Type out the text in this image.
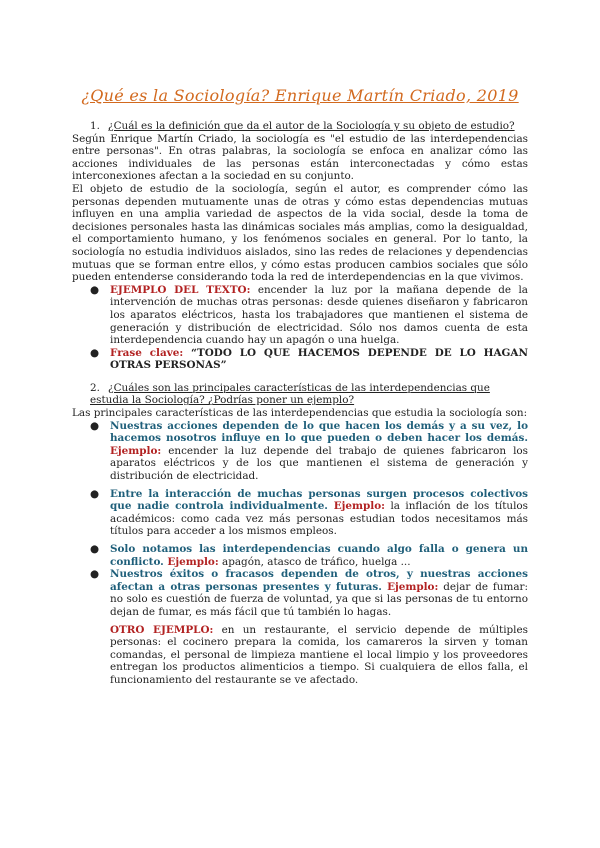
¿Qué es la Sociología? Enrique Martín Criado, 2019
1. ¿Cuál es la definición que da el autor de la Sociología y su objeto de estudio?
Según Enrique Martín Criado, la sociología es "el estudio de las interdependencias entre personas". En otras palabras, la sociología se enfoca en analizar cómo las acciones individuales de las personas están interconectadas y cómo estas interconexiones afectan a la sociedad en su conjunto.
El objeto de estudio de la sociología, según el autor, es comprender cómo las personas dependen mutuamente unas de otras y cómo estas dependencias mutuas influyen en una amplia variedad de aspectos de la vida social, desde la toma de decisiones personales hasta las dinámicas sociales más amplias, como la desigualdad, el comportamiento humano, y los fenómenos sociales en general. Por lo tanto, la sociología no estudia individuos aislados, sino las redes de relaciones y dependencias mutuas que se forman entre ellos, y cómo estas producen cambios sociales que sólo pueden entenderse considerando toda la red de interdependencias en la que vivimos.
● EJEMPLO DEL TEXTO: encender la luz por la mañana depende de la intervención de muchas otras personas: desde quienes diseñaron y fabricaron los aparatos eléctricos, hasta los trabajadores que mantienen el sistema de generación y distribución de electricidad. Sólo nos damos cuenta de esta interdependencia cuando hay un apagón o una huelga.
● Frase clave: “TODO LO QUE HACEMOS DEPENDE DE LO HAGAN OTRAS PERSONAS”
2. ¿Cuáles son las principales características de las interdependencias que estudia la Sociología? ¿Podrías poner un ejemplo?
Las principales características de las interdependencias que estudia la sociología son:
● Nuestras acciones dependen de lo que hacen los demás y a su vez, lo hacemos nosotros influye en lo que pueden o deben hacer los demás. Ejemplo: encender la luz depende del trabajo de quienes fabricaron los aparatos eléctricos y de los que mantienen el sistema de generación y distribución de electricidad.
● Entre la interacción de muchas personas surgen procesos colectivos que nadie controla individualmente. Ejemplo: la inflación de los títulos académicos: como cada vez más personas estudian todos necesitamos más títulos para acceder a los mismos empleos.
● Solo notamos las interdependencias cuando algo falla o genera un conflicto. Ejemplo: apagón, atasco de tráfico, huelga ...
● Nuestros éxitos o fracasos dependen de otros, y nuestras acciones afectan a otras personas presentes y futuras. Ejemplo: dejar de fumar: no solo es cuestión de fuerza de voluntad, ya que si las personas de tu entorno dejan de fumar, es más fácil que tú también lo hagas.
OTRO EJEMPLO: en un restaurante, el servicio depende de múltiples personas: el cocinero prepara la comida, los camareros la sirven y toman comandas, el personal de limpieza mantiene el local limpio y los proveedores entregan los productos alimenticios a tiempo. Si cualquiera de ellos falla, el funcionamiento del restaurante se ve afectado.
